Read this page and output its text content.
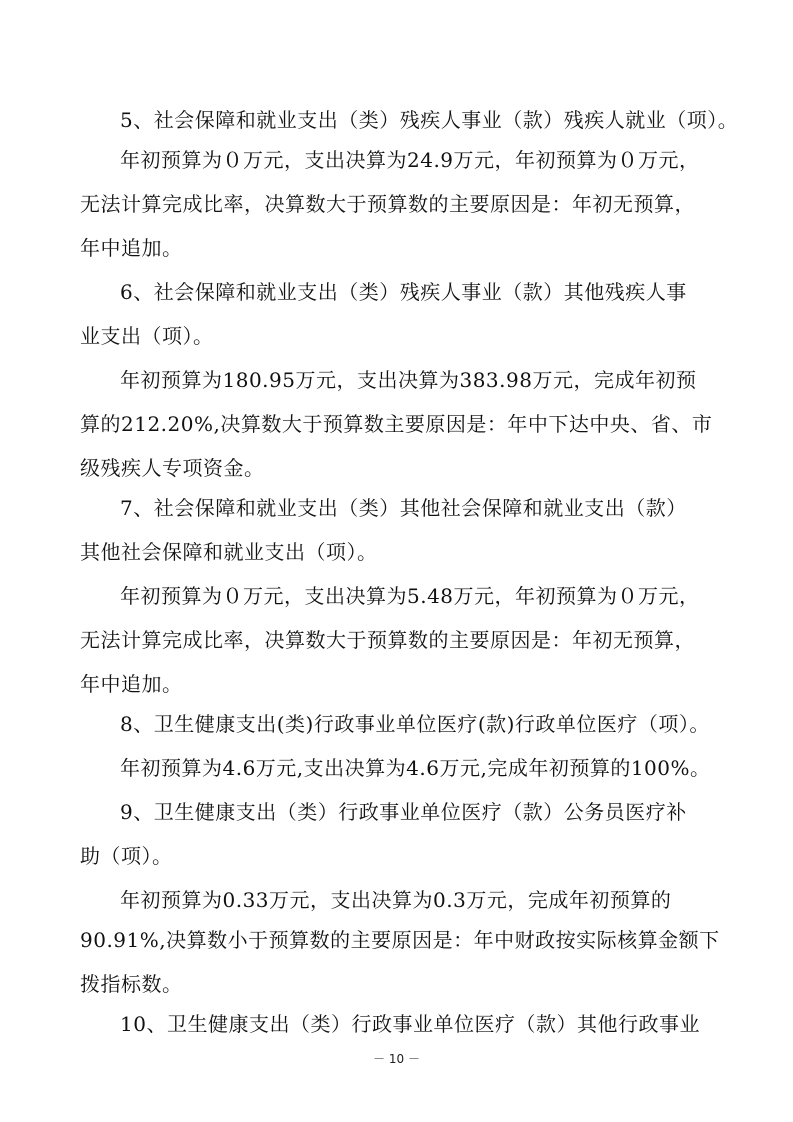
5、社会保障和就业支出（类）残疾人事业（款）残疾人就业（项）。
年初预算为０万元，支出决算为24.9万元，年初预算为０万元，
无法计算完成比率，决算数大于预算数的主要原因是：年初无预算，
年中追加。
6、社会保障和就业支出（类）残疾人事业（款）其他残疾人事
业支出（项）。
年初预算为180.95万元，支出决算为383.98万元，完成年初预
算的212.20%,决算数大于预算数主要原因是：年中下达中央、省、市
级残疾人专项资金。
7、社会保障和就业支出（类）其他社会保障和就业支出（款）
其他社会保障和就业支出（项）。
年初预算为０万元，支出决算为5.48万元，年初预算为０万元，
无法计算完成比率，决算数大于预算数的主要原因是：年初无预算，
年中追加。
8、卫生健康支出(类)行政事业单位医疗(款)行政单位医疗（项）。
年初预算为4.6万元,支出决算为4.6万元,完成年初预算的100%。
9、卫生健康支出（类）行政事业单位医疗（款）公务员医疗补
助（项）。
年初预算为0.33万元，支出决算为0.3万元，完成年初预算的
90.91%,决算数小于预算数的主要原因是：年中财政按实际核算金额下
拨指标数。
10、卫生健康支出（类）行政事业单位医疗（款）其他行政事业
－ 10 －
